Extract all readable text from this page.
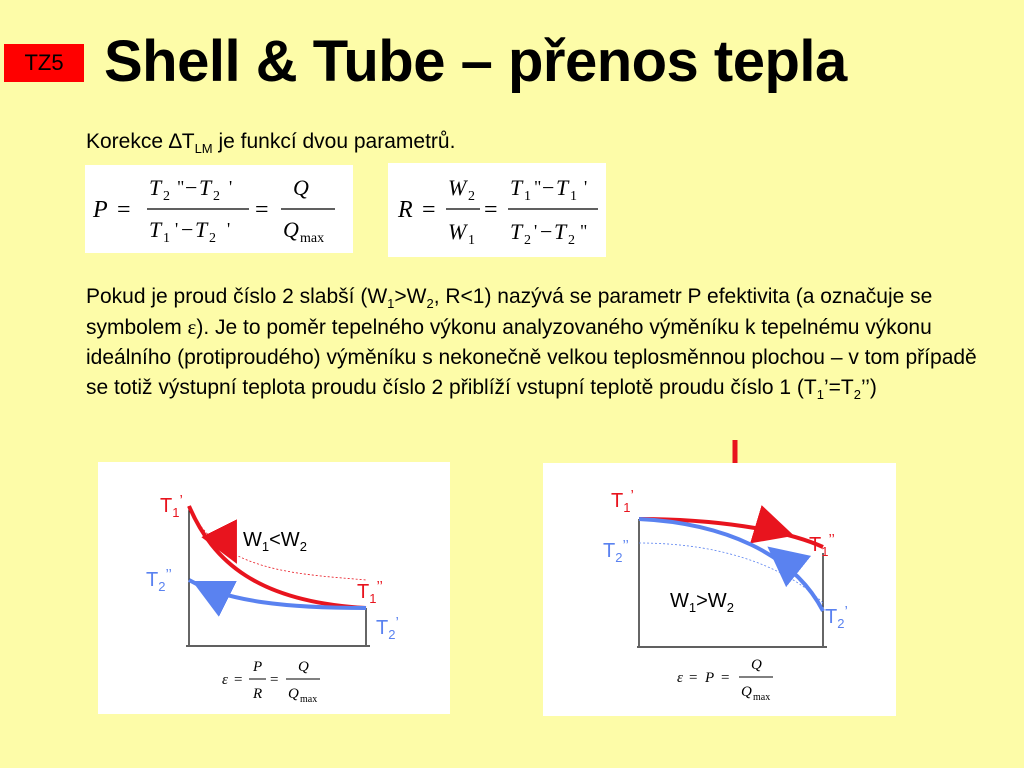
TZ5 Shell & Tube – přenos tepla
Korekce $\Delta T_{LM}$ je funkcí dvou parametrů.
P =
T 2 " − T 2 '
T 1 ' − T 2 '
=
Q
Q max
R =
W 2
W 1
=
T 1 " − T 1 '
T 2 ' − T 2 "
Pokud je proud číslo 2 slabší ($W_1>W_2$, R<1) nazývá se parametr P efektivita (a označuje se symbolem ε). Je to poměr tepelného výkonu analyzovaného výměníku k tepelnému výkonu ideálního (protiproudého) výměníku s nekonečně velkou teplosměnnou plochou – v tom případě se totiž výstupní teplota proudu číslo 2 přiblíží vstupní teplotě proudu číslo 1 $(T_1’=T_2’’)$
$T_1^’$
$W_1<W_2$
$T_2^{’’}$
$T_1^{’’}$
$T_2^’$
ε =
P
R
=
Q
Q max
$T_1^’$
$T_2^{’’}$	$T_1^{’’}$
$W_1>W_2$	$T_2^’$
ε = P =
Q
Q max
